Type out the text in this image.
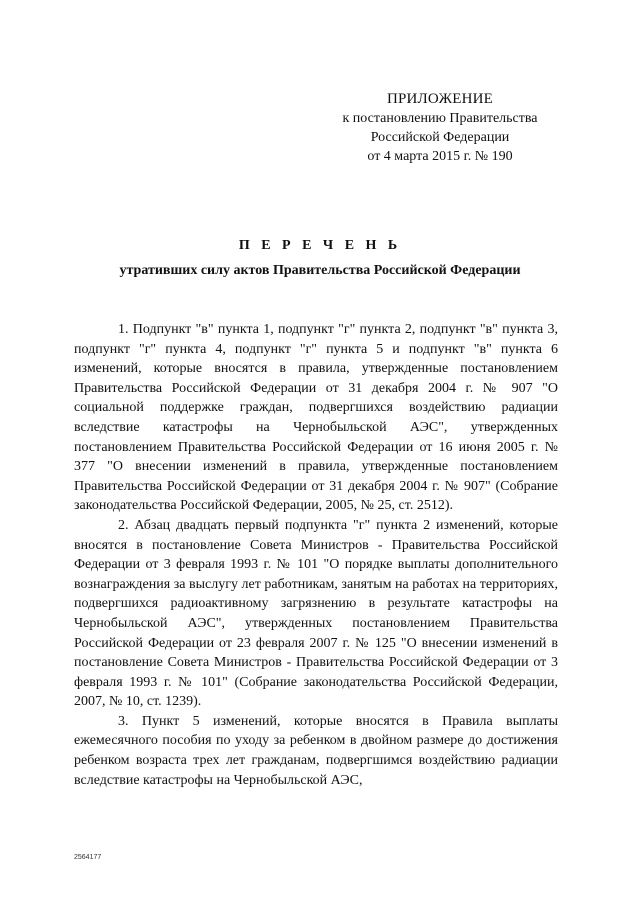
ПРИЛОЖЕНИЕ
к постановлению Правительства
Российской Федерации
от 4 марта 2015 г. № 190
П Е Р Е Ч Е Н Ь
утративших силу актов Правительства Российской Федерации

1. Подпункт "в" пункта 1, подпункт "г" пункта 2, подпункт "в" пункта 3, подпункт "г" пункта 4, подпункт "г" пункта 5 и подпункт "в" пункта 6 изменений, которые вносятся в правила, утвержденные постановлением Правительства Российской Федерации от 31 декабря 2004 г. № 907 "О социальной поддержке граждан, подвергшихся воздействию радиации вследствие катастрофы на Чернобыльской АЭС", утвержденных постановлением Правительства Российской Федерации от 16 июня 2005 г. № 377 "О внесении изменений в правила, утвержденные постановлением Правительства Российской Федерации от 31 декабря 2004 г. № 907" (Собрание законодательства Российской Федерации, 2005, № 25, ст. 2512).

2. Абзац двадцать первый подпункта "г" пункта 2 изменений, которые вносятся в постановление Совета Министров - Правительства Российской Федерации от 3 февраля 1993 г. № 101 "О порядке выплаты дополнительного вознаграждения за выслугу лет работникам, занятым на работах на территориях, подвергшихся радиоактивному загрязнению в результате катастрофы на Чернобыльской АЭС", утвержденных постановлением Правительства Российской Федерации от 23 февраля 2007 г. № 125 "О внесении изменений в постановление Совета Министров - Правительства Российской Федерации от 3 февраля 1993 г. № 101" (Собрание законодательства Российской Федерации, 2007, № 10, ст. 1239).

3. Пункт 5 изменений, которые вносятся в Правила выплаты ежемесячного пособия по уходу за ребенком в двойном размере до достижения ребенком возраста трех лет гражданам, подвергшимся воздействию радиации вследствие катастрофы на Чернобыльской АЭС,

2564177
